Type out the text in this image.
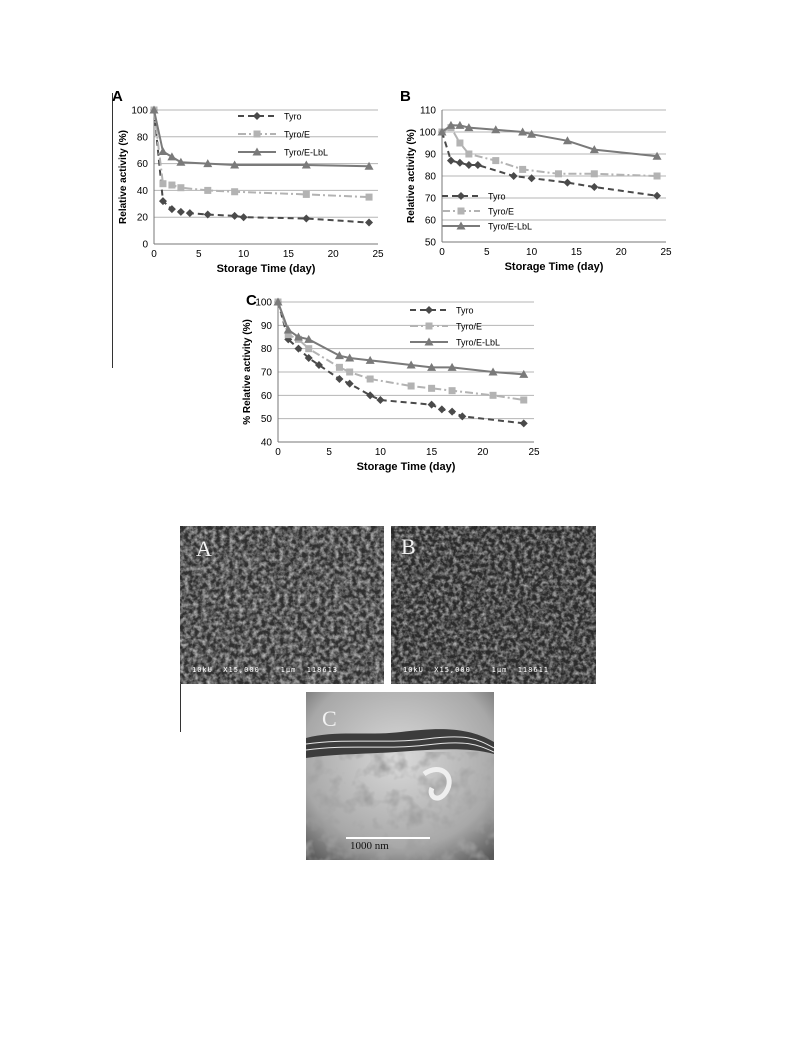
A
0
20
40
60
80
100
0	5	10	15	20	25
Storage Time (day)
Relative activity (%)
Tyro
Tyro/E
Tyro/E-LbL
B
50
60
70
80
90
100
110
0	5	10	15	20	25
Storage Time (day)
Relative activity (%)	Tyro
Tyro/E
Tyro/E-LbL
C
40
50
60
70
80
90
100
0	5	10	15	20	25
Storage Time (day)
% Relative activity (%)
Tyro
Tyro/E
Tyro/E-LbL
A
10kU  X15,000    1µm  118613
B
10kU  X15,000    1µm  118611
C
1000 nm
